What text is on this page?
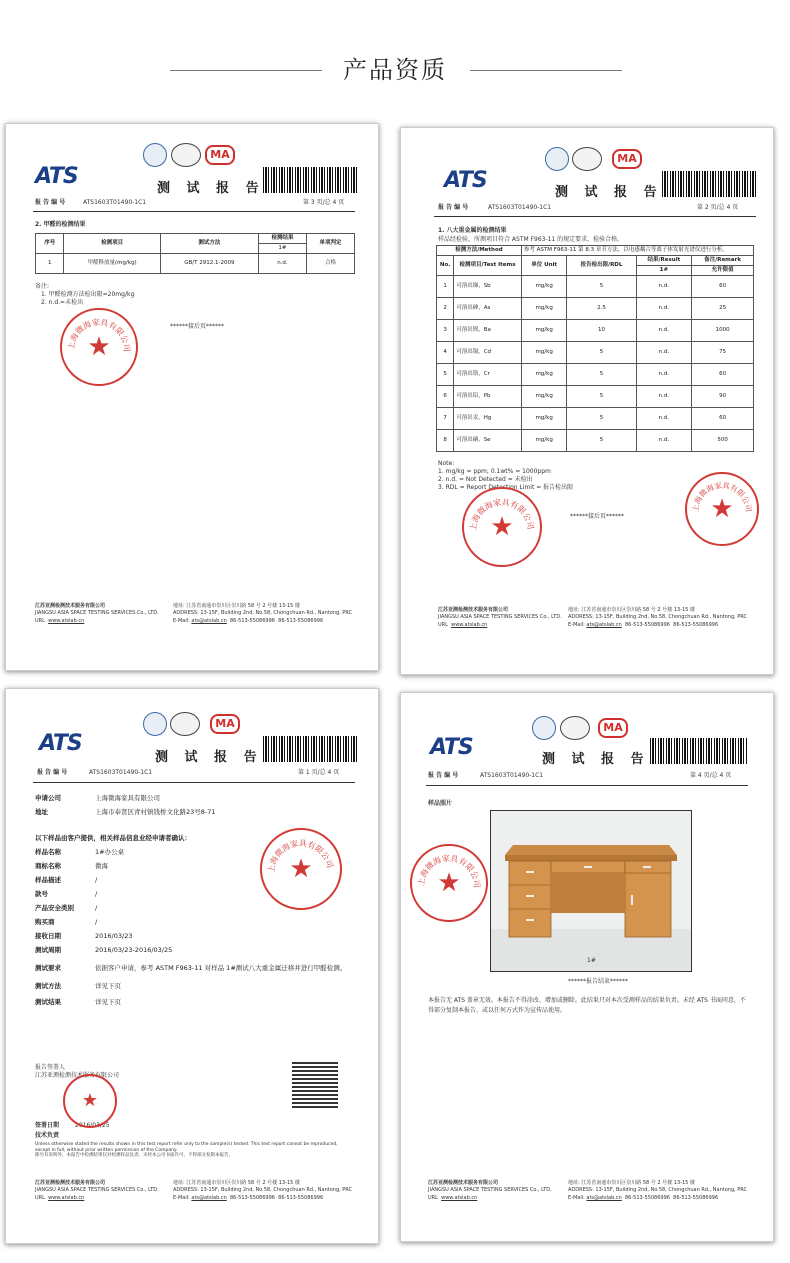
产品资质
ATS
MA
测 试 报 告
报 告 编 号	ATS1603T01490-1C1	第 3 页/总 4 页
2. 甲醛的检测结果
序号	检测项目	测试方法	检测结果	单项判定
			1#	
1	甲醛释放量(mg/kg)	GB/T 2912.1-2009	n.d.	合格
备注:
1. 甲醛检测方法检出限=20mg/kg
2. n.d.=未检出
******接后页******
上海微海家具有限公司
★
江苏亚测检测技术服务有限公司
JIANGSU ASIA SPACE TESTING SERVICES Co., LTD.
URL www.atslab.cn
地址: 江苏省南通市崇川区崇川路 58 号 2 号楼 13-15 楼
ADDRESS: 13-15F, Building 2nd, No.58, Chongchuan Rd., Nantong, PRC
E-Mail: ats@atslab.cn 86-513-55086996 86-513-55086996
ATS
MA
测 试 报 告
报 告 编 号	ATS1603T01490-1C1	第 2 页/总 4 页
1. 八大重金属的检测结果
样品经检验，所测项目符合 ASTM F963-11 的规定要求，检验合格。
检测方法/Method		参考 ASTM F963-11 第 8.3 章节方法，以电感耦合等离子体发射光谱仪进行分析。			
No.	检测项目/Test Items	单位 Unit	报告检出限/RDL	结果/Result	备注/Remark
				1#	允许限值
1	可溶出锑，Sb	mg/kg	5	n.d.	60
2	可溶出砷，As	mg/kg	2.5	n.d.	25
3	可溶出钡，Ba	mg/kg	10	n.d.	1000
4	可溶出镉，Cd	mg/kg	5	n.d.	75
5	可溶出铬，Cr	mg/kg	5	n.d.	60
6	可溶出铅，Pb	mg/kg	5	n.d.	90
7	可溶出汞，Hg	mg/kg	5	n.d.	60
8	可溶出硒，Se	mg/kg	5	n.d.	500
Note:
1. mg/kg = ppm; 0.1wt% = 1000ppm
2. n.d. = Not Detected = 未检出
3. RDL = Report Detection Limit = 报告检出限
******接后页******
上海微海家具有限公司
★
上海微海家具有限公司
★
江苏亚测检测技术服务有限公司
JIANGSU ASIA SPACE TESTING SERVICES Co., LTD.
URL www.atslab.cn
地址: 江苏省南通市崇川区崇川路 58 号 2 号楼 13-15 楼
ADDRESS: 13-15F, Building 2nd, No.58, Chongchuan Rd., Nantong, PRC
E-Mail: ats@atslab.cn 86-513-55086996 86-513-55086996
ATS
MA
测 试 报 告
报 告 编 号	ATS1603T01490-1C1	第 1 页/总 4 页
申请公司	上海微海家具有限公司
地址	上海市奉贤区青村镇钱桥文化路23号8-71
以下样品由客户提供，相关样品信息业经申请者确认：
样品名称	1#办公桌
商标名称	微海
样品描述	/
款号	/
产品安全类别	/
购买商	/
接收日期	2016/03/23
测试周期	2016/03/23-2016/03/25
测试要求	依据客户申请，参考 ASTM F963-11 对样品 1#测试八大重金属迁移并进行甲醛检测。
测试方法	详见下页
测试结果	详见下页
报告签署人
江苏亚测检测技术服务有限公司
签署日期	2016/03/25
技术负责
Unless otherwise stated the results shown in this test report refer only to the sample(s) tested. This test report cannot be reproduced,
except in full, without prior written permission of the Company.
除另有说明外，本报告中检测结果仅对检测样品负责。未经本公司书面许可，不得部分复制本报告。
上海微海家具有限公司
★
★
江苏亚测检测技术服务有限公司
JIANGSU ASIA SPACE TESTING SERVICES Co., LTD.
URL www.atslab.cn
地址: 江苏省南通市崇川区崇川路 58 号 2 号楼 13-15 楼
ADDRESS: 13-15F, Building 2nd, No.58, Chongchuan Rd., Nantong, PRC
E-Mail: ats@atslab.cn 86-513-55086996 86-513-55086996
ATS
MA
测 试 报 告
报 告 编 号	ATS1603T01490-1C1	第 4 页/总 4 页
样品照片
1#
******报告结束******
本报告无 ATS 盖章无效。本报告不得涂改、增加或删除。此结果只对本次受测样品的结果负责。未经 ATS 书面同意，不得部分复制本报告，或以任何方式作为宣传品使用。
上海微海家具有限公司
★
江苏亚测检测技术服务有限公司
JIANGSU ASIA SPACE TESTING SERVICES Co., LTD.
URL www.atslab.cn
地址: 江苏省南通市崇川区崇川路 58 号 2 号楼 13-15 楼
ADDRESS: 13-15F, Building 2nd, No.58, Chongchuan Rd., Nantong, PRC
E-Mail: ats@atslab.cn 86-513-55086996 86-513-55086996
